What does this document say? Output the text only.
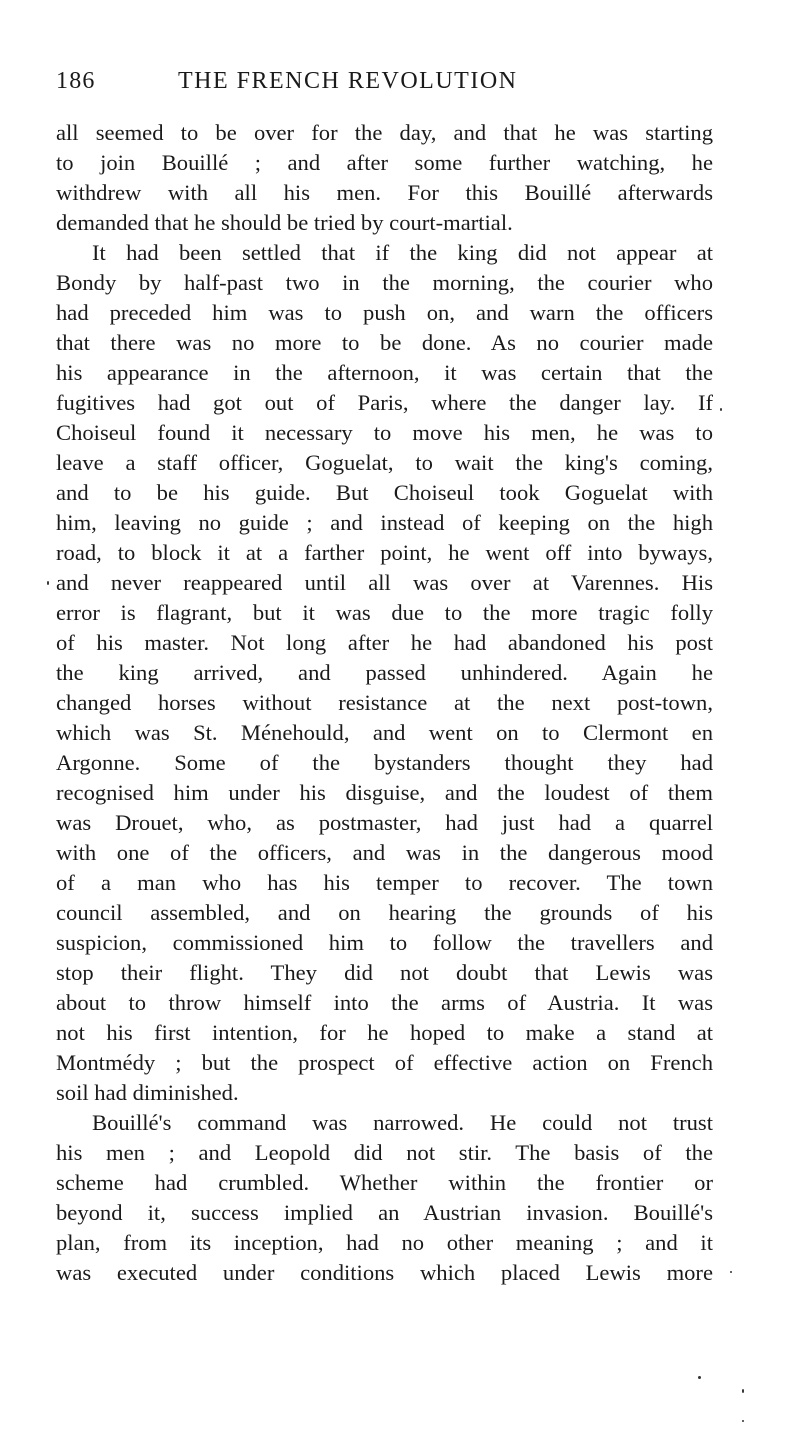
186	THE FRENCH REVOLUTION
all seemed to be over for the day, and that he was starting
to join Bouillé ; and after some further watching, he
withdrew with all his men. For this Bouillé afterwards
demanded that he should be tried by court-martial.
It had been settled that if the king did not appear at
Bondy by half-past two in the morning, the courier who
had preceded him was to push on, and warn the officers
that there was no more to be done. As no courier made
his appearance in the afternoon, it was certain that the
fugitives had got out of Paris, where the danger lay. If
Choiseul found it necessary to move his men, he was to
leave a staff officer, Goguelat, to wait the king's coming,
and to be his guide. But Choiseul took Goguelat with
him, leaving no guide ; and instead of keeping on the high
road, to block it at a farther point, he went off into byways,
and never reappeared until all was over at Varennes. His
error is flagrant, but it was due to the more tragic folly
of his master. Not long after he had abandoned his post
the king arrived, and passed unhindered. Again he
changed horses without resistance at the next post-town,
which was St. Ménehould, and went on to Clermont en
Argonne. Some of the bystanders thought they had
recognised him under his disguise, and the loudest of them
was Drouet, who, as postmaster, had just had a quarrel
with one of the officers, and was in the dangerous mood
of a man who has his temper to recover. The town
council assembled, and on hearing the grounds of his
suspicion, commissioned him to follow the travellers and
stop their flight. They did not doubt that Lewis was
about to throw himself into the arms of Austria. It was
not his first intention, for he hoped to make a stand at
Montmédy ; but the prospect of effective action on French
soil had diminished.
Bouillé's command was narrowed. He could not trust
his men ; and Leopold did not stir. The basis of the
scheme had crumbled. Whether within the frontier or
beyond it, success implied an Austrian invasion. Bouillé's
plan, from its inception, had no other meaning ; and it
was executed under conditions which placed Lewis more
